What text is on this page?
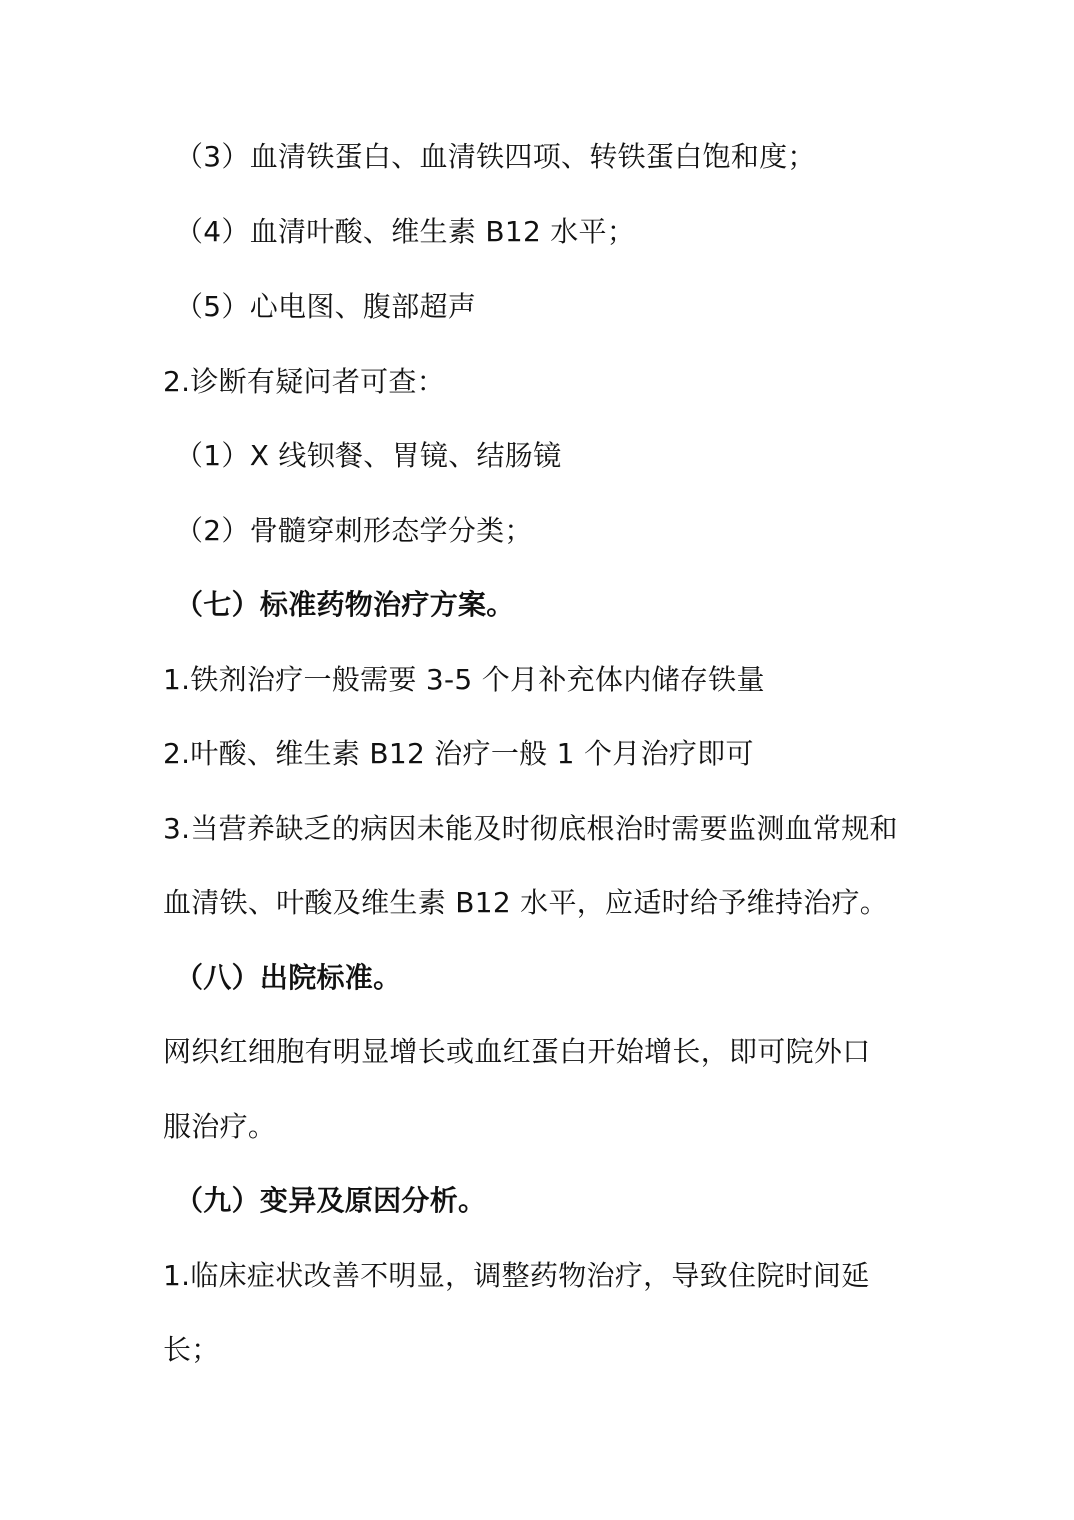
（3）血清铁蛋白、血清铁四项、转铁蛋白饱和度；
（4）血清叶酸、维生素 B12 水平；
（5）心电图、腹部超声
2.诊断有疑问者可查：
（1）X 线钡餐、胃镜、结肠镜
（2）骨髓穿刺形态学分类；
（七）标准药物治疗方案。
1.铁剂治疗一般需要 3-5 个月补充体内储存铁量
2.叶酸、维生素 B12 治疗一般 1 个月治疗即可
3.当营养缺乏的病因未能及时彻底根治时需要监测血常规和
血清铁、叶酸及维生素 B12 水平，应适时给予维持治疗。
（八）出院标准。
网织红细胞有明显增长或血红蛋白开始增长，即可院外口
服治疗。
（九）变异及原因分析。
1.临床症状改善不明显，调整药物治疗，导致住院时间延
长；
